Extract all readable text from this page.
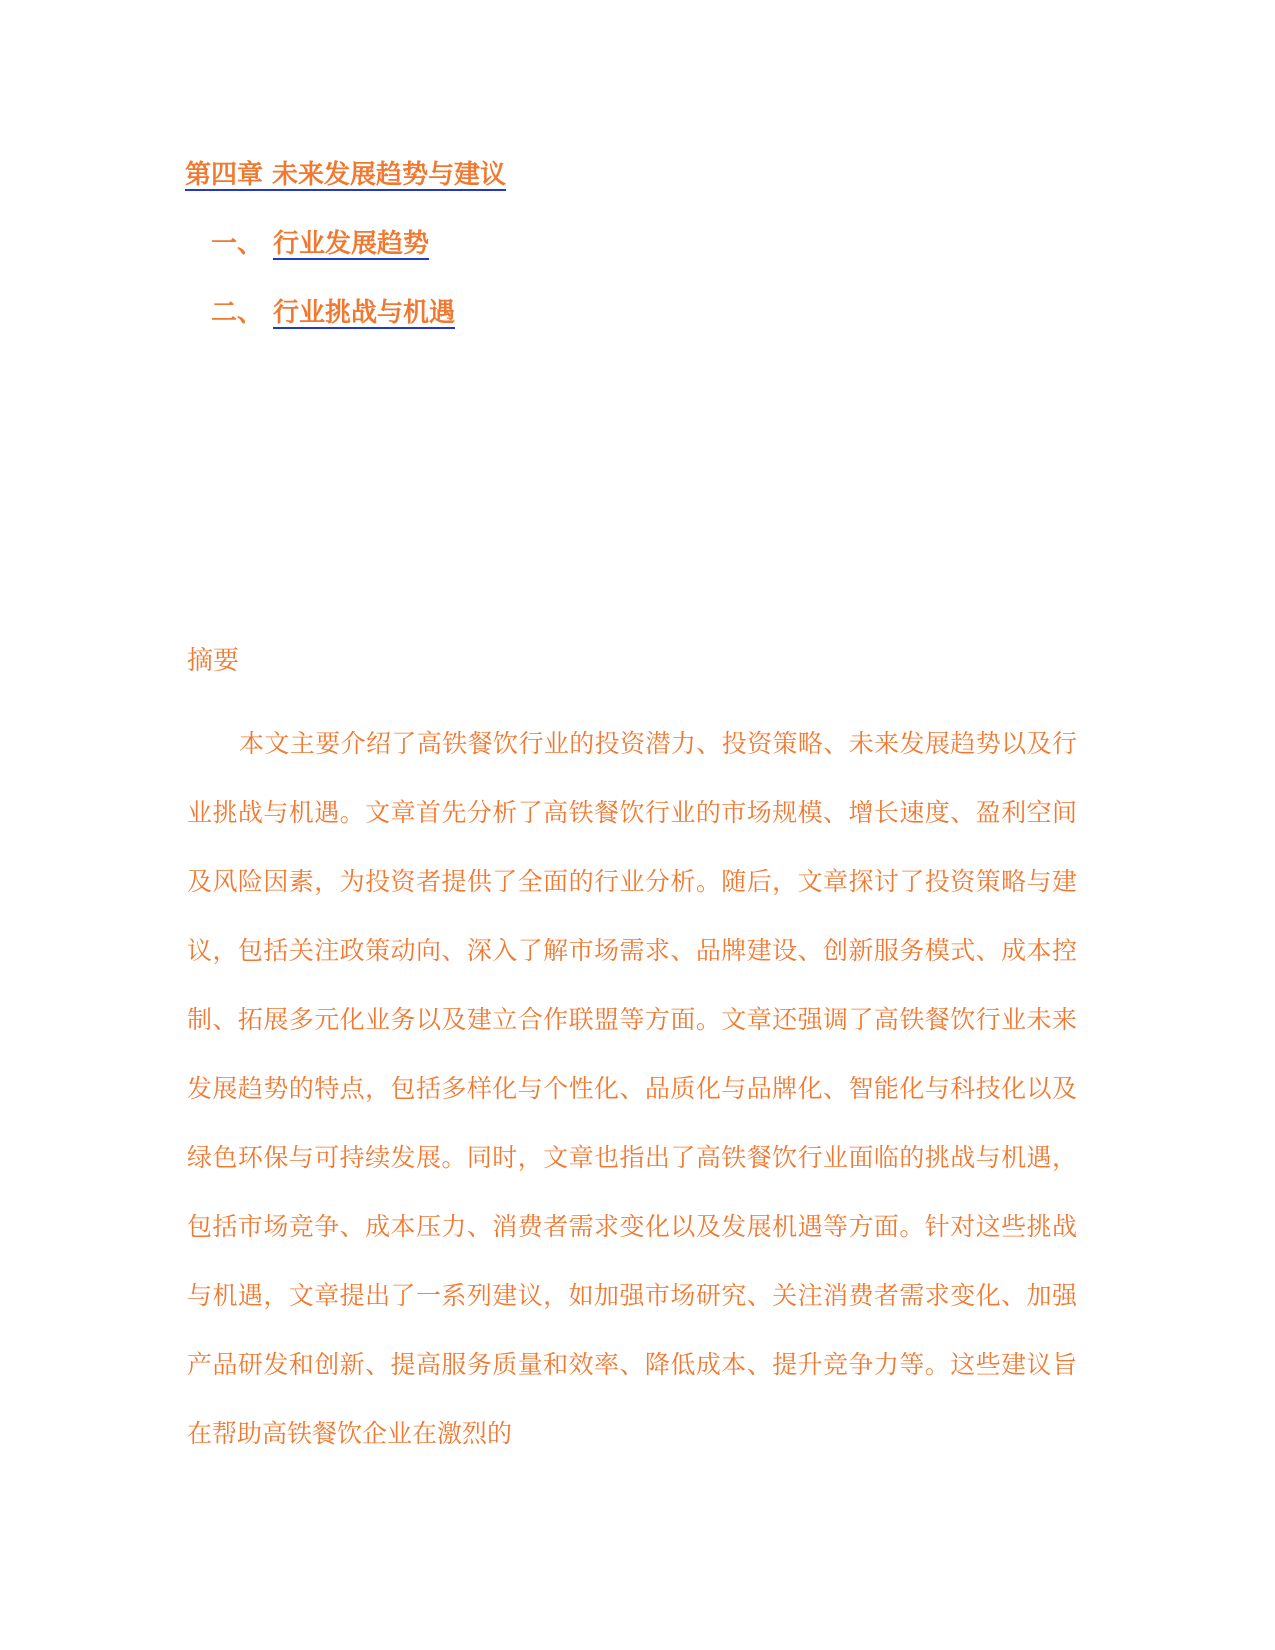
第四章 未来发展趋势与建议
一、 行业发展趋势
二、 行业挑战与机遇
摘要

本文主要介绍了高铁餐饮行业的投资潜力、投资策略、未来发展趋势以及行业挑战与机遇。文章首先分析了高铁餐饮行业的市场规模、增长速度、盈利空间及风险因素，为投资者提供了全面的行业分析。随后，文章探讨了投资策略与建议，包括关注政策动向、深入了解市场需求、品牌建设、创新服务模式、成本控制、拓展多元化业务以及建立合作联盟等方面。文章还强调了高铁餐饮行业未来发展趋势的特点，包括多样化与个性化、品质化与品牌化、智能化与科技化以及绿色环保与可持续发展。同时，文章也指出了高铁餐饮行业面临的挑战与机遇，包括市场竞争、成本压力、消费者需求变化以及发展机遇等方面。针对这些挑战与机遇，文章提出了一系列建议，如加强市场研究、关注消费者需求变化、加强产品研发和创新、提高服务质量和效率、降低成本、提升竞争力等。这些建议旨在帮助高铁餐饮企业在激烈的
